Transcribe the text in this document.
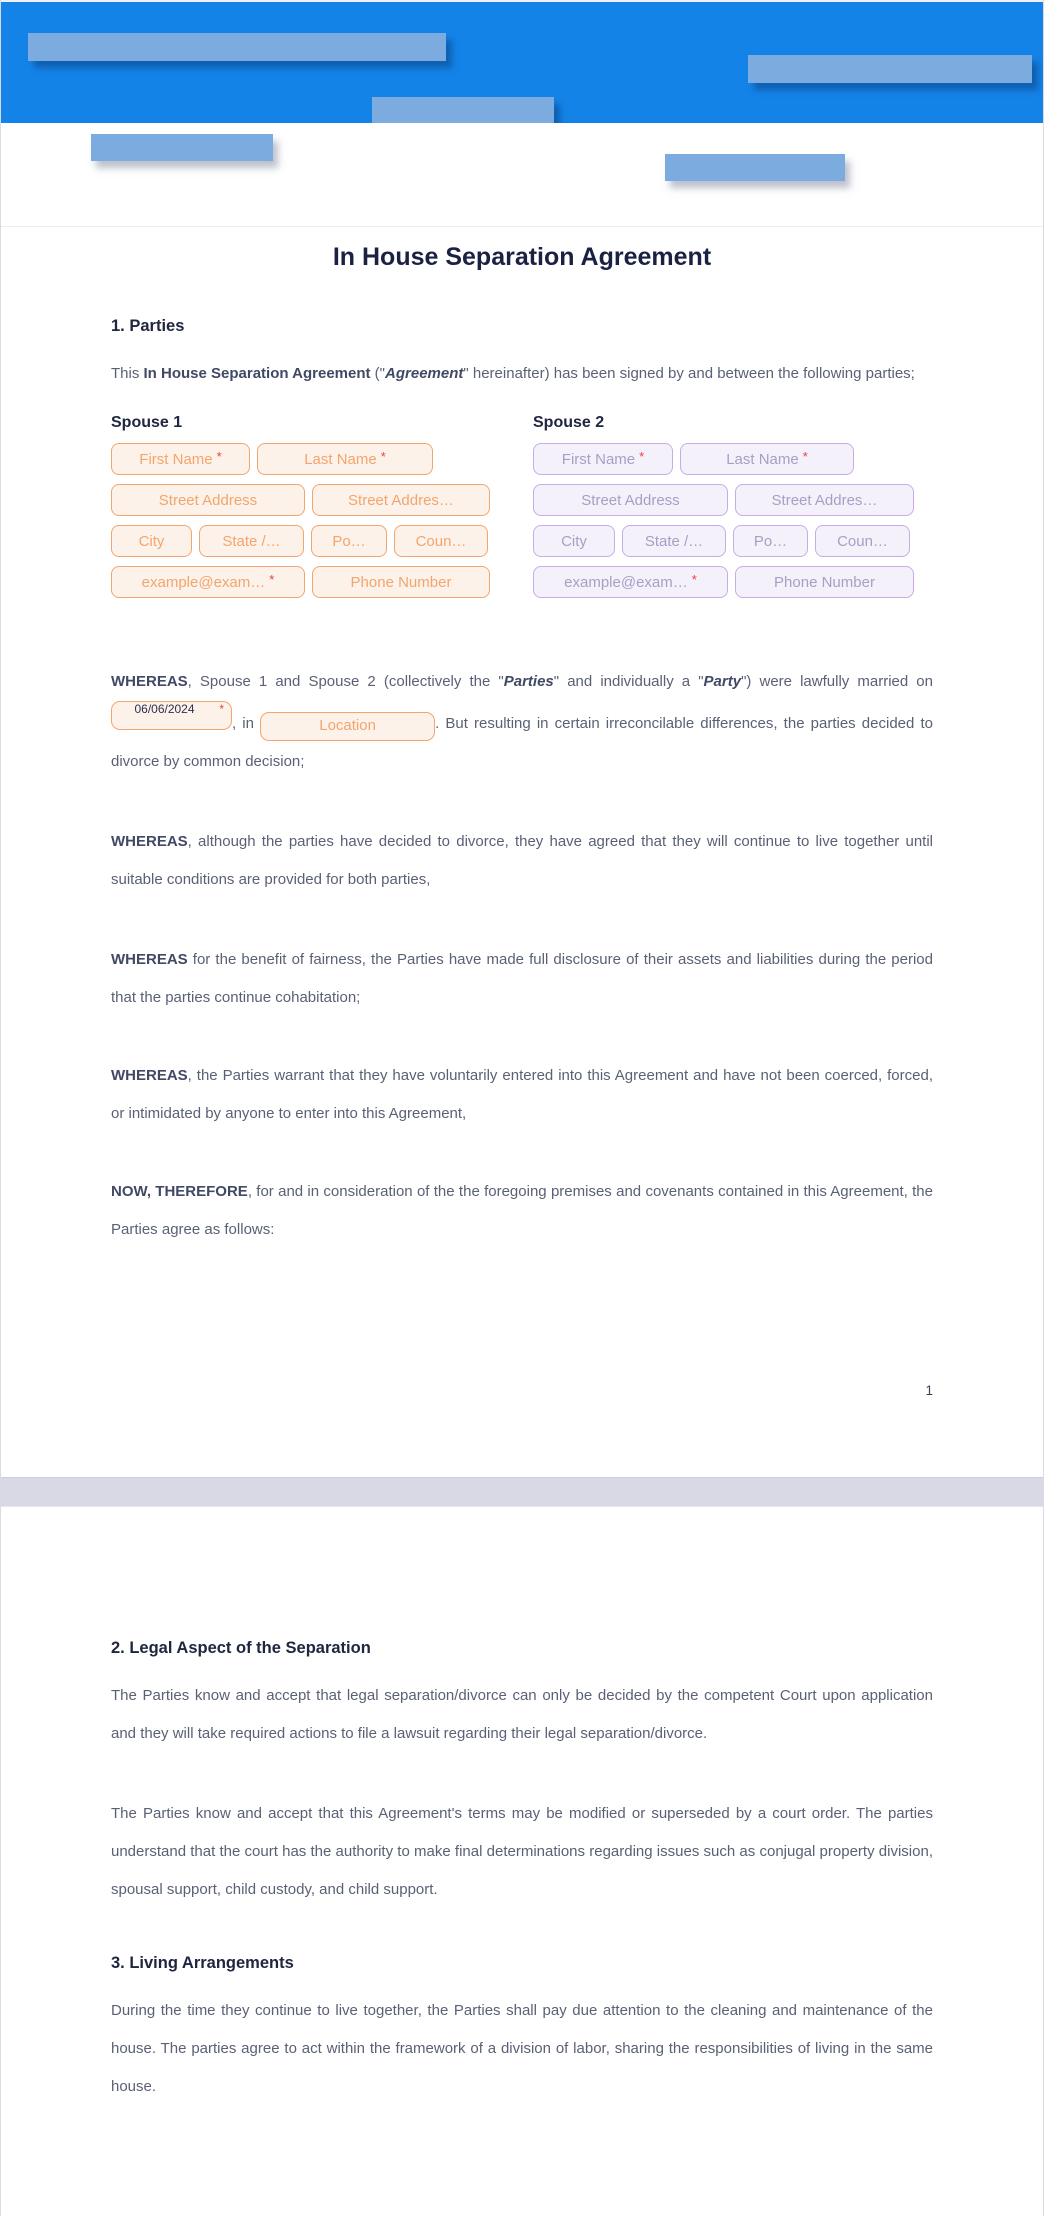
In House Separation Agreement
1. Parties

This In House Separation Agreement ("Agreement" hereinafter) has been signed by and between the following parties;

Spouse 1
First Name *	Last Name *
Street Address	Street Addres…
City	State /…	Po…	Coun…
example@exam… *	Phone Number
Spouse 2
First Name *	Last Name *
Street Address	Street Addres…
City	State /…	Po…	Coun…
example@exam… *	Phone Number

WHEREAS, Spouse 1 and Spouse 2 (collectively the "Parties" and individually a "Party") were lawfully married on
06/06/2024	*
, in	Location	. But resulting in certain irreconcilable differences, the parties decided to divorce by common decision;

WHEREAS, although the parties have decided to divorce, they have agreed that they will continue to live together until suitable conditions are provided for both parties,

WHEREAS for the benefit of fairness, the Parties have made full disclosure of their assets and liabilities during the period that the parties continue cohabitation;

WHEREAS, the Parties warrant that they have voluntarily entered into this Agreement and have not been coerced, forced, or intimidated by anyone to enter into this Agreement,

NOW, THEREFORE, for and in consideration of the the foregoing premises and covenants contained in this Agreement, the Parties agree as follows:

1
2. Legal Aspect of the Separation

The Parties know and accept that legal separation/divorce can only be decided by the competent Court upon application and they will take required actions to file a lawsuit regarding their legal separation/divorce.

The Parties know and accept that this Agreement's terms may be modified or superseded by a court order. The parties understand that the court has the authority to make final determinations regarding issues such as conjugal property division, spousal support, child custody, and child support.

3. Living Arrangements

During the time they continue to live together, the Parties shall pay due attention to the cleaning and maintenance of the house. The parties agree to act within the framework of a division of labor, sharing the responsibilities of living in the same house.
